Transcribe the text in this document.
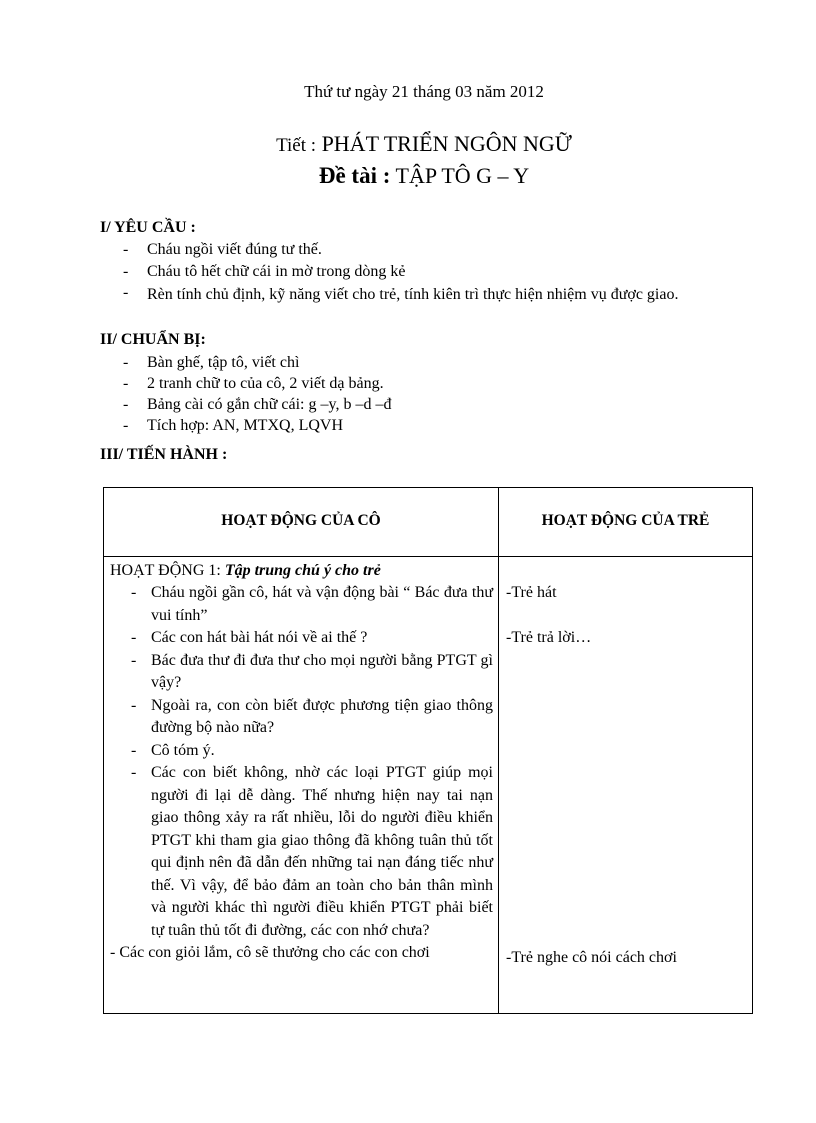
Thứ tư ngày 21 tháng 03 năm 2012
Tiết : PHÁT TRIỂN NGÔN NGỮ
Đề tài : TẬP TÔ G – Y
I/ YÊU CẦU :
- Cháu ngồi viết đúng tư thế.
- Cháu tô hết chữ cái in mờ trong dòng kẻ
- Rèn tính chủ định, kỹ năng viết cho trẻ, tính kiên trì thực hiện nhiệm vụ được giao.
II/ CHUẨN BỊ:
- Bàn ghế, tập tô, viết chì
- 2 tranh chữ to của cô, 2 viết dạ bảng.
- Bảng cài có gắn chữ cái: g –y, b –d –đ
- Tích hợp: AN, MTXQ, LQVH
III/ TIẾN HÀNH :
HOẠT ĐỘNG CỦA CÔ	HOẠT ĐỘNG CỦA TRẺ
HOẠT ĐỘNG 1: Tập trung chú ý cho trẻ
- Cháu ngồi gần cô, hát và vận động bài “ Bác đưa thư vui tính”
- Các con hát bài hát nói về ai thế ?
- Bác đưa thư đi đưa thư cho mọi người bằng PTGT gì vậy?
- Ngoài ra, con còn biết được phương tiện giao thông đường bộ nào nữa?
- Cô tóm ý.
- Các con biết không, nhờ các loại PTGT giúp mọi người đi lại dễ dàng. Thế nhưng hiện nay tai nạn giao thông xảy ra rất nhiều, lỗi do người điều khiển PTGT khi tham gia giao thông đã không tuân thủ tốt qui định nên đã dẫn đến những tai nạn đáng tiếc như thế. Vì vậy, để bảo đảm an toàn cho bản thân mình và người khác thì người điều khiển PTGT phải biết tự tuân thủ tốt đi đường, các con nhớ chưa?
- Các con giỏi lắm, cô sẽ thưởng cho các con chơi
-Trẻ hát
-Trẻ trả lời…
-Trẻ nghe cô nói cách chơi
